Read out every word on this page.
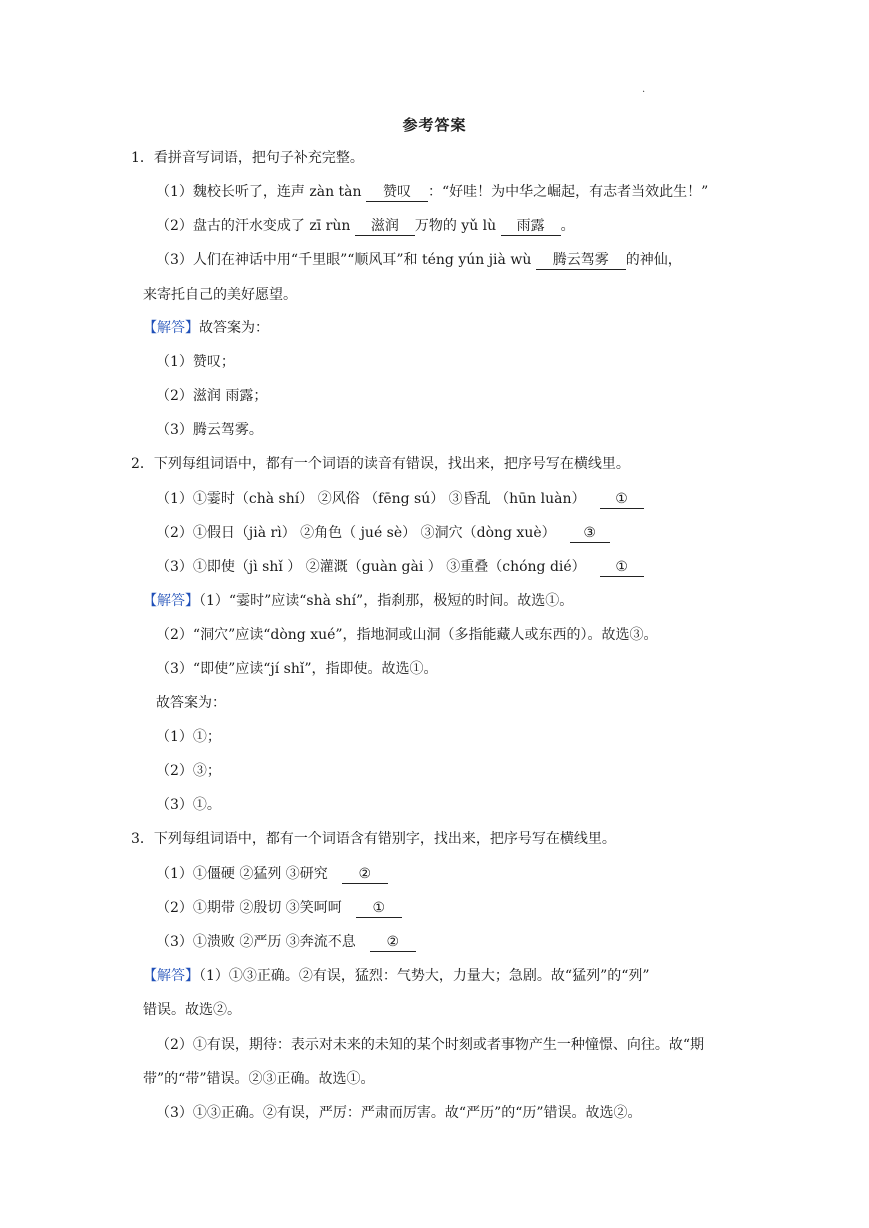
.
参考答案
1．看拼音写词语，把句子补充完整。
（1）魏校长听了，连声 zàn tàn 赞叹 ：“好哇！为中华之崛起，有志者当效此生！”
（2）盘古的汗水变成了 zī rùn 滋润 万物的 yǔ lù 雨露 。
（3）人们在神话中用“千里眼”“顺风耳”和 téng yún jià wù 腾云驾雾 的神仙，
来寄托自己的美好愿望。
【解答】故答案为：
（1）赞叹；
（2）滋润 雨露；
（3）腾云驾雾。
2．下列每组词语中，都有一个词语的读音有错误，找出来，把序号写在横线里。
（1）①霎时（chà shí） ②风俗 （fēng sú） ③昏乱 （hūn luàn） ①
（2）①假日（jià rì） ②角色（ jué sè） ③洞穴（dòng xuè） ③
（3）①即使（jì shǐ ） ②灌溉（guàn gài ） ③重叠（chóng dié） ①
【解答】（1）“霎时”应读“shà shí”，指刹那，极短的时间。故选①。
（2）“洞穴”应读“dòng xué”，指地洞或山洞（多指能藏人或东西的）。故选③。
（3）“即使”应读“jí shǐ”，指即使。故选①。
故答案为：
（1）①；
（2）③；
（3）①。
3．下列每组词语中，都有一个词语含有错别字，找出来，把序号写在横线里。
（1）①僵硬 ②猛列 ③研究 ②
（2）①期带 ②殷切 ③笑呵呵 ①
（3）①溃败 ②严历 ③奔流不息 ②
【解答】（1）①③正确。②有误，猛烈：气势大，力量大；急剧。故“猛列”的“列”
错误。故选②。
（2）①有误，期待：表示对未来的未知的某个时刻或者事物产生一种憧憬、向往。故“期
带”的“带”错误。②③正确。故选①。
（3）①③正确。②有误，严厉：严肃而厉害。故“严历”的“历”错误。故选②。
